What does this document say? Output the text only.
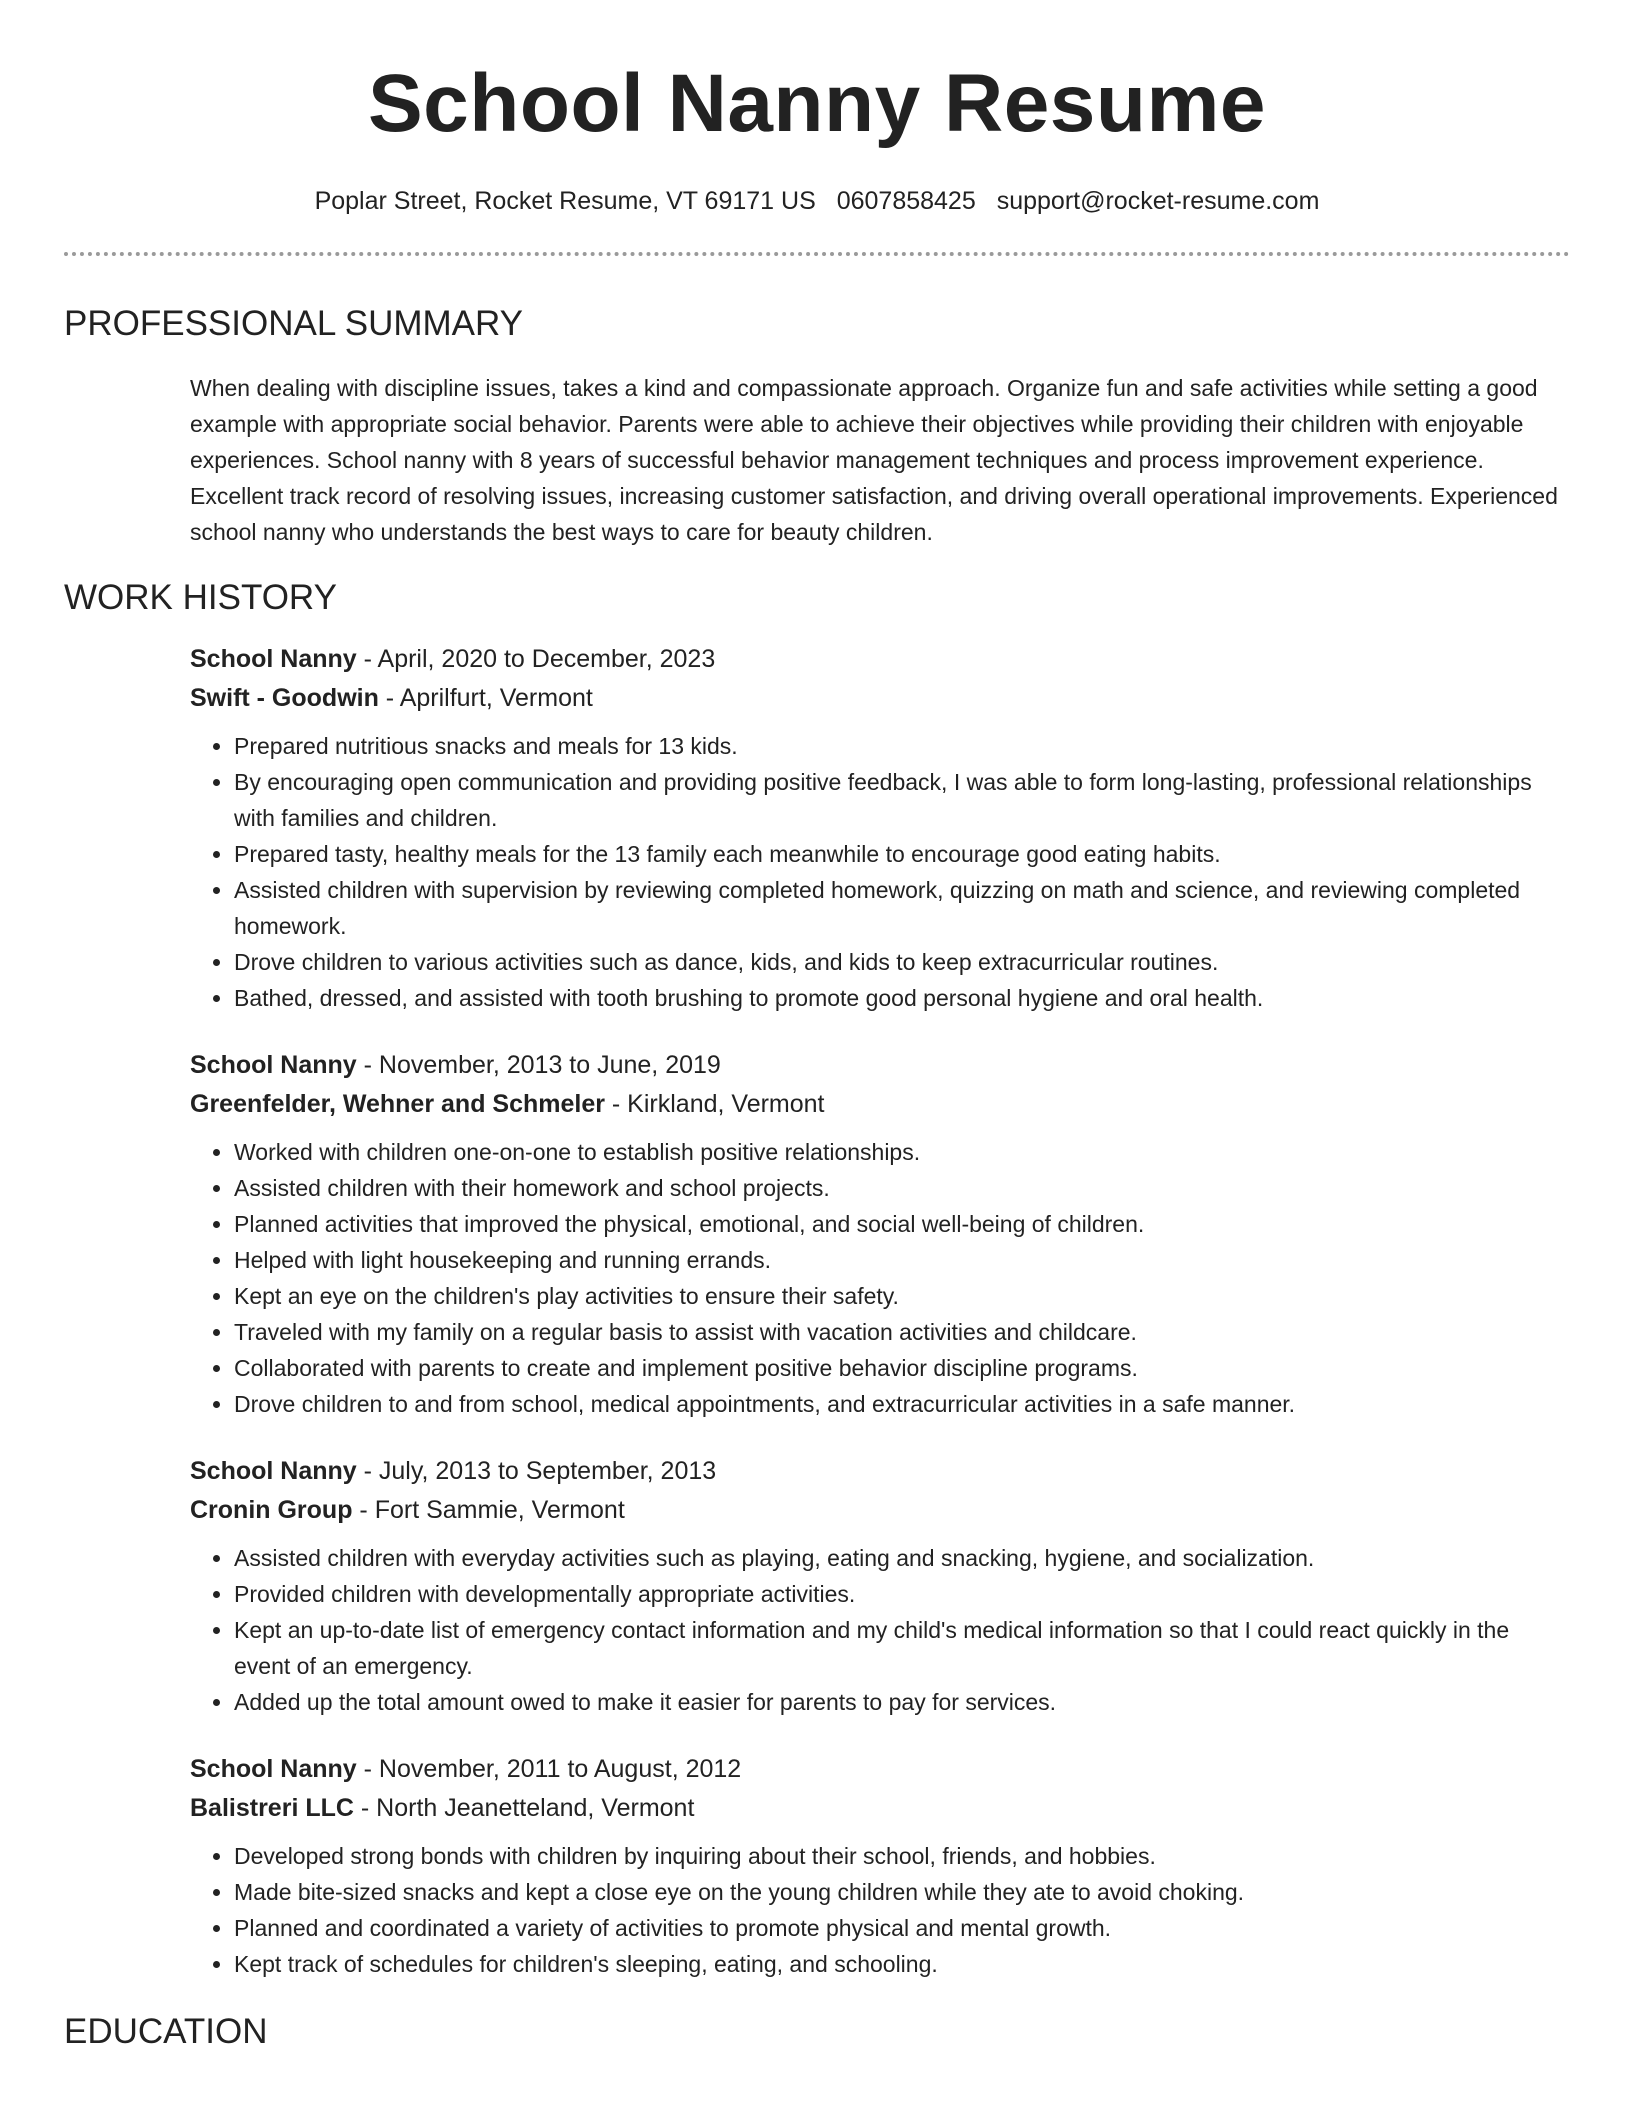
School Nanny Resume
Poplar Street, Rocket Resume, VT 69171 US 0607858425 support@rocket-resume.com
PROFESSIONAL SUMMARY

When dealing with discipline issues, takes a kind and compassionate approach. Organize fun and safe activities while setting a good example with appropriate social behavior. Parents were able to achieve their objectives while providing their children with enjoyable experiences. School nanny with 8 years of successful behavior management techniques and process improvement experience. Excellent track record of resolving issues, increasing customer satisfaction, and driving overall operational improvements. Experienced school nanny who understands the best ways to care for beauty children.

WORK HISTORY
School Nanny - April, 2020 to December, 2023
Swift - Goodwin - Aprilfurt, Vermont
• Prepared nutritious snacks and meals for 13 kids.
• By encouraging open communication and providing positive feedback, I was able to form long-lasting, professional relationships with families and children.
• Prepared tasty, healthy meals for the 13 family each meanwhile to encourage good eating habits.
• Assisted children with supervision by reviewing completed homework, quizzing on math and science, and reviewing completed homework.
• Drove children to various activities such as dance, kids, and kids to keep extracurricular routines.
• Bathed, dressed, and assisted with tooth brushing to promote good personal hygiene and oral health.
School Nanny - November, 2013 to June, 2019
Greenfelder, Wehner and Schmeler - Kirkland, Vermont
• Worked with children one-on-one to establish positive relationships.
• Assisted children with their homework and school projects.
• Planned activities that improved the physical, emotional, and social well-being of children.
• Helped with light housekeeping and running errands.
• Kept an eye on the children's play activities to ensure their safety.
• Traveled with my family on a regular basis to assist with vacation activities and childcare.
• Collaborated with parents to create and implement positive behavior discipline programs.
• Drove children to and from school, medical appointments, and extracurricular activities in a safe manner.
School Nanny - July, 2013 to September, 2013
Cronin Group - Fort Sammie, Vermont
• Assisted children with everyday activities such as playing, eating and snacking, hygiene, and socialization.
• Provided children with developmentally appropriate activities.
• Kept an up-to-date list of emergency contact information and my child's medical information so that I could react quickly in the event of an emergency.
• Added up the total amount owed to make it easier for parents to pay for services.
School Nanny - November, 2011 to August, 2012
Balistreri LLC - North Jeanetteland, Vermont
• Developed strong bonds with children by inquiring about their school, friends, and hobbies.
• Made bite-sized snacks and kept a close eye on the young children while they ate to avoid choking.
• Planned and coordinated a variety of activities to promote physical and mental growth.
• Kept track of schedules for children's sleeping, eating, and schooling.
EDUCATION
